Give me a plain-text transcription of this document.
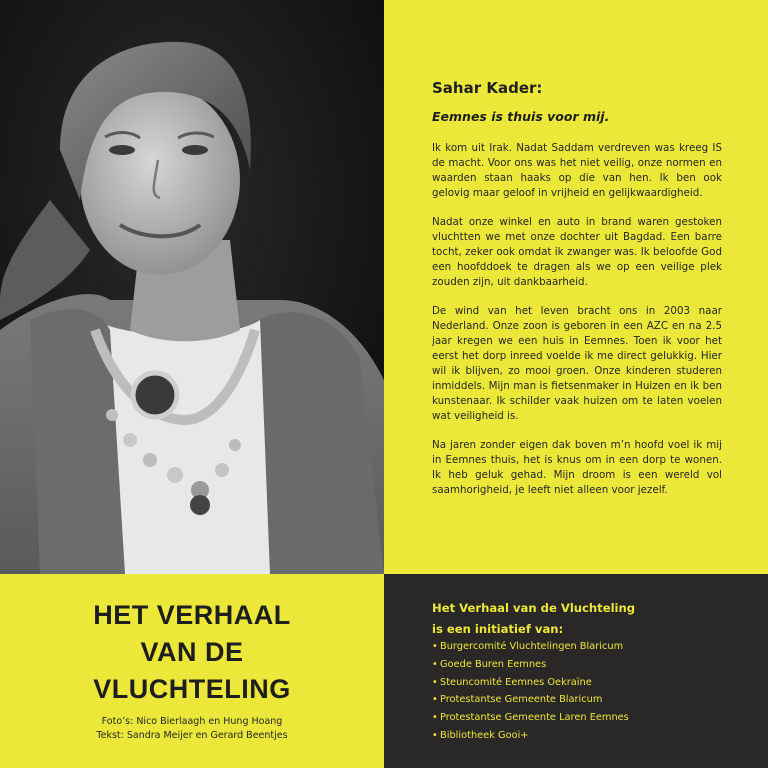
Sahar Kader:
Eemnes is thuis voor mij.

Ik kom uit Irak. Nadat Saddam verdreven was kreeg IS de macht. Voor ons was het niet veilig, onze normen en waarden staan haaks op die van hen. Ik ben ook gelovig maar geloof in vrijheid en gelijkwaardigheid.

Nadat onze winkel en auto in brand waren gestoken vluchtten we met onze dochter uit Bagdad. Een barre tocht, zeker ook omdat ik zwanger was. Ik beloofde God een hoofddoek te dragen als we op een veilige plek zouden zijn, uit dankbaarheid.

De wind van het leven bracht ons in 2003 naar Nederland. Onze zoon is geboren in een AZC en na 2.5 jaar kregen we een huis in Eemnes. Toen ik voor het eerst het dorp inreed voelde ik me direct gelukkig. Hier wil ik blijven, zo mooi groen. Onze kinderen studeren inmiddels. Mijn man is fietsenmaker in Huizen en ik ben kunstenaar. Ik schilder vaak huizen om te laten voelen wat veiligheid is.

Na jaren zonder eigen dak boven m’n hoofd voel ik mij in Eemnes thuis, het is knus om in een dorp te wonen. Ik heb geluk gehad. Mijn droom is een wereld vol saamhorigheid, je leeft niet alleen voor jezelf.

HET VERHAAL
VAN DE
VLUCHTELING
Foto’s: Nico Bierlaagh en Hung Hoang
Tekst: Sandra Meijer en Gerard Beentjes
Het Verhaal van de Vluchteling
is een initiatief van:
• Burgercomité Vluchtelingen Blaricum
• Goede Buren Eemnes
• Steuncomité Eemnes Oekraïne
• Protestantse Gemeente Blaricum
• Protestantse Gemeente Laren Eemnes
• Bibliotheek Gooi+
